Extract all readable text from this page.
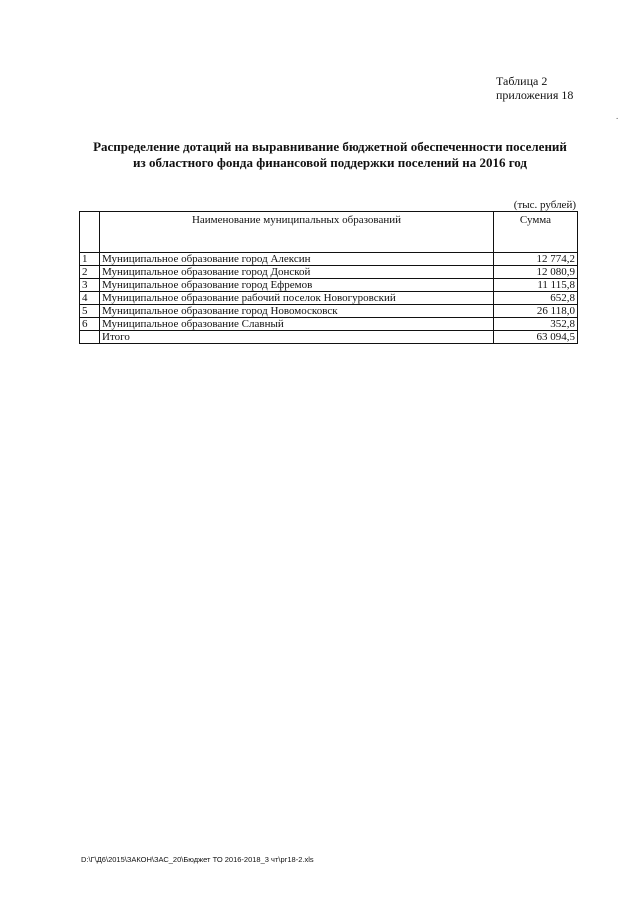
.
Таблица 2
приложения 18
Распределение дотаций на выравнивание бюджетной обеспеченности поселений
из областного фонда финансовой поддержки поселений на 2016 год
(тыс. рублей)
	Наименование муниципальных образований	Сумма
1	Муниципальное образование город Алексин	12 774,2
2	Муниципальное образование город Донской	12 080,9
3	Муниципальное образование город Ефремов	11 115,8
4	Муниципальное образование рабочий поселок Новогуровский	652,8
5	Муниципальное образование город Новомосковск	26 118,0
6	Муниципальное образование Славный	352,8
	Итого	63 094,5
D:\Г\Д6\2015\ЗАКОН\ЗАС_20\Бюджет ТО 2016-2018_3 чт\рг18-2.xls
